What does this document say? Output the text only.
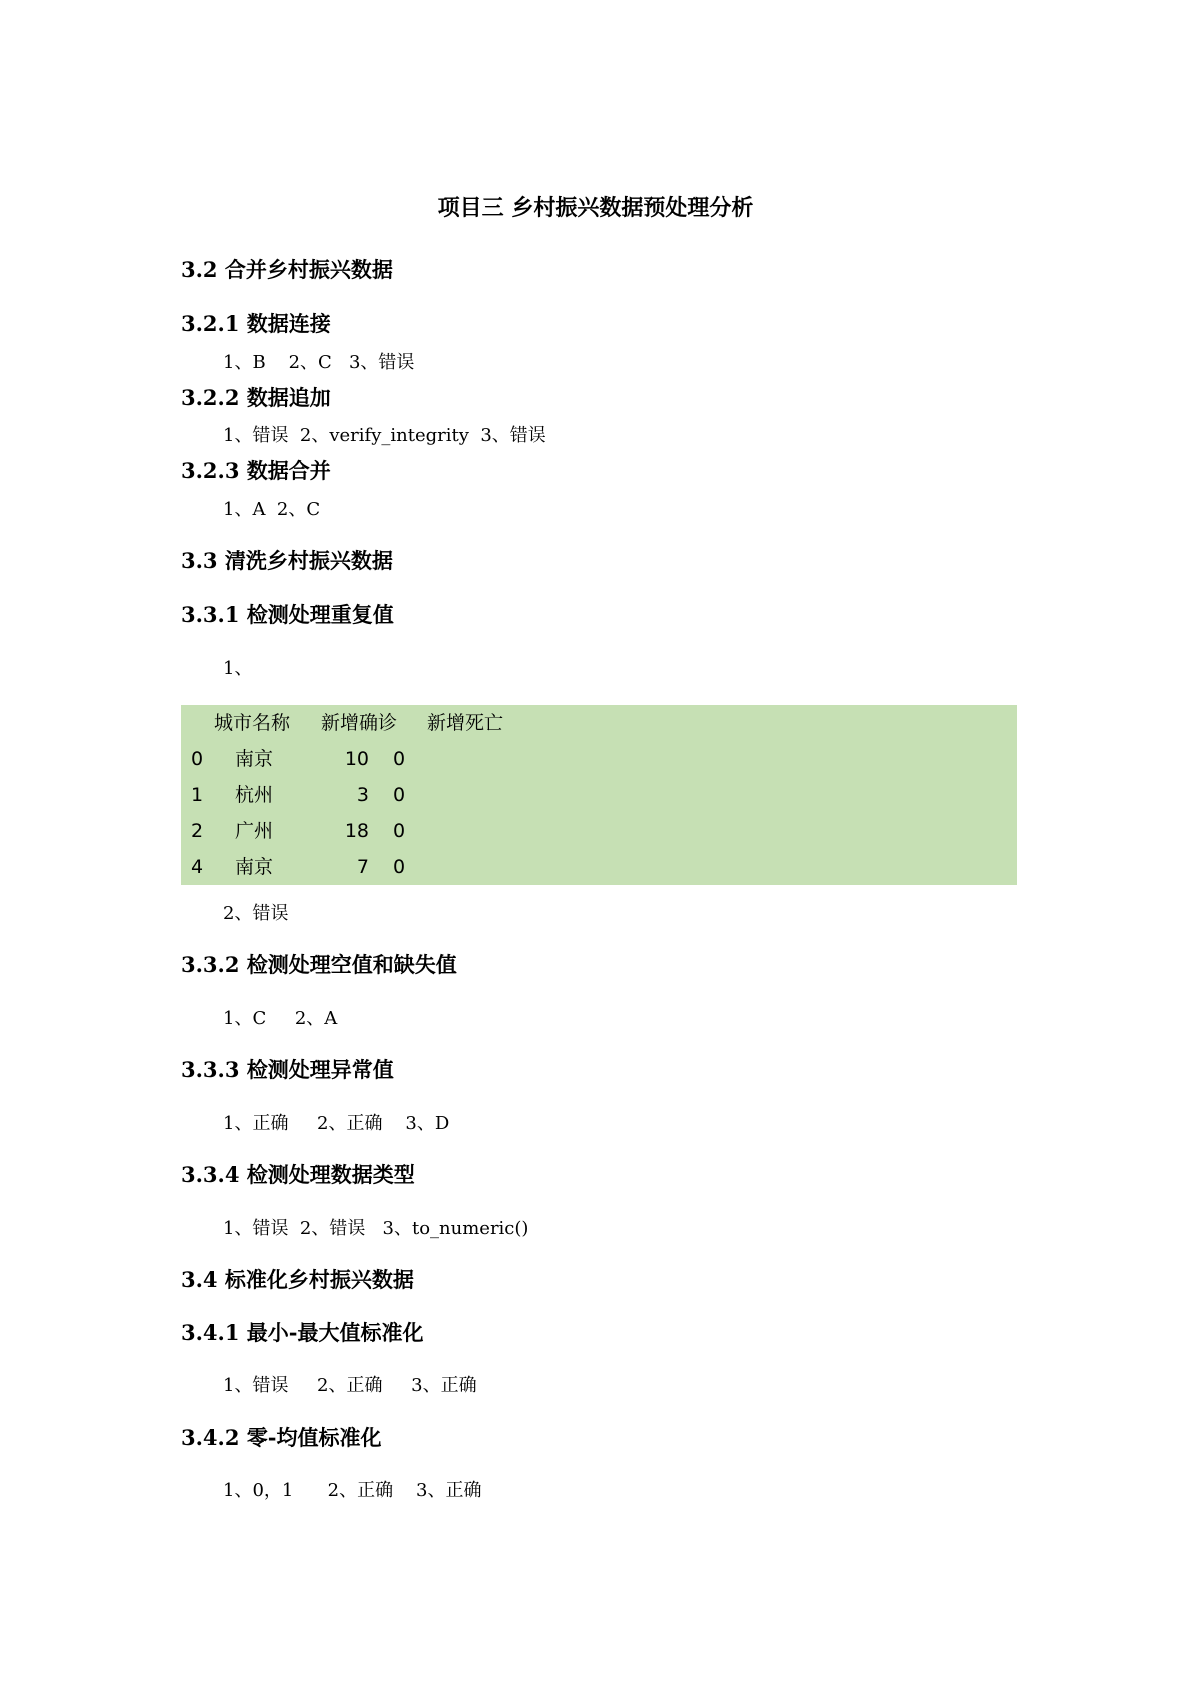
项目三 乡村振兴数据预处理分析
3.2 合并乡村振兴数据
3.2.1 数据连接
1、B    2、C   3、错误
3.2.2 数据追加
1、错误  2、verify_integrity  3、错误
3.2.3 数据合并
1、A  2、C
3.3 清洗乡村振兴数据
3.3.1 检测处理重复值
1、
城市名称 新增确诊 新增死亡
0 南京	10 0
1 杭州	3 0
2 广州	18 0
4 南京	7 0
2、错误
3.3.2 检测处理空值和缺失值
1、C     2、A
3.3.3 检测处理异常值
1、正确     2、正确    3、D
3.3.4 检测处理数据类型
1、错误  2、错误   3、to_numeric()
3.4 标准化乡村振兴数据
3.4.1 最小-最大值标准化
1、错误     2、正确     3、正确
3.4.2 零-均值标准化
1、0，1      2、正确    3、正确
